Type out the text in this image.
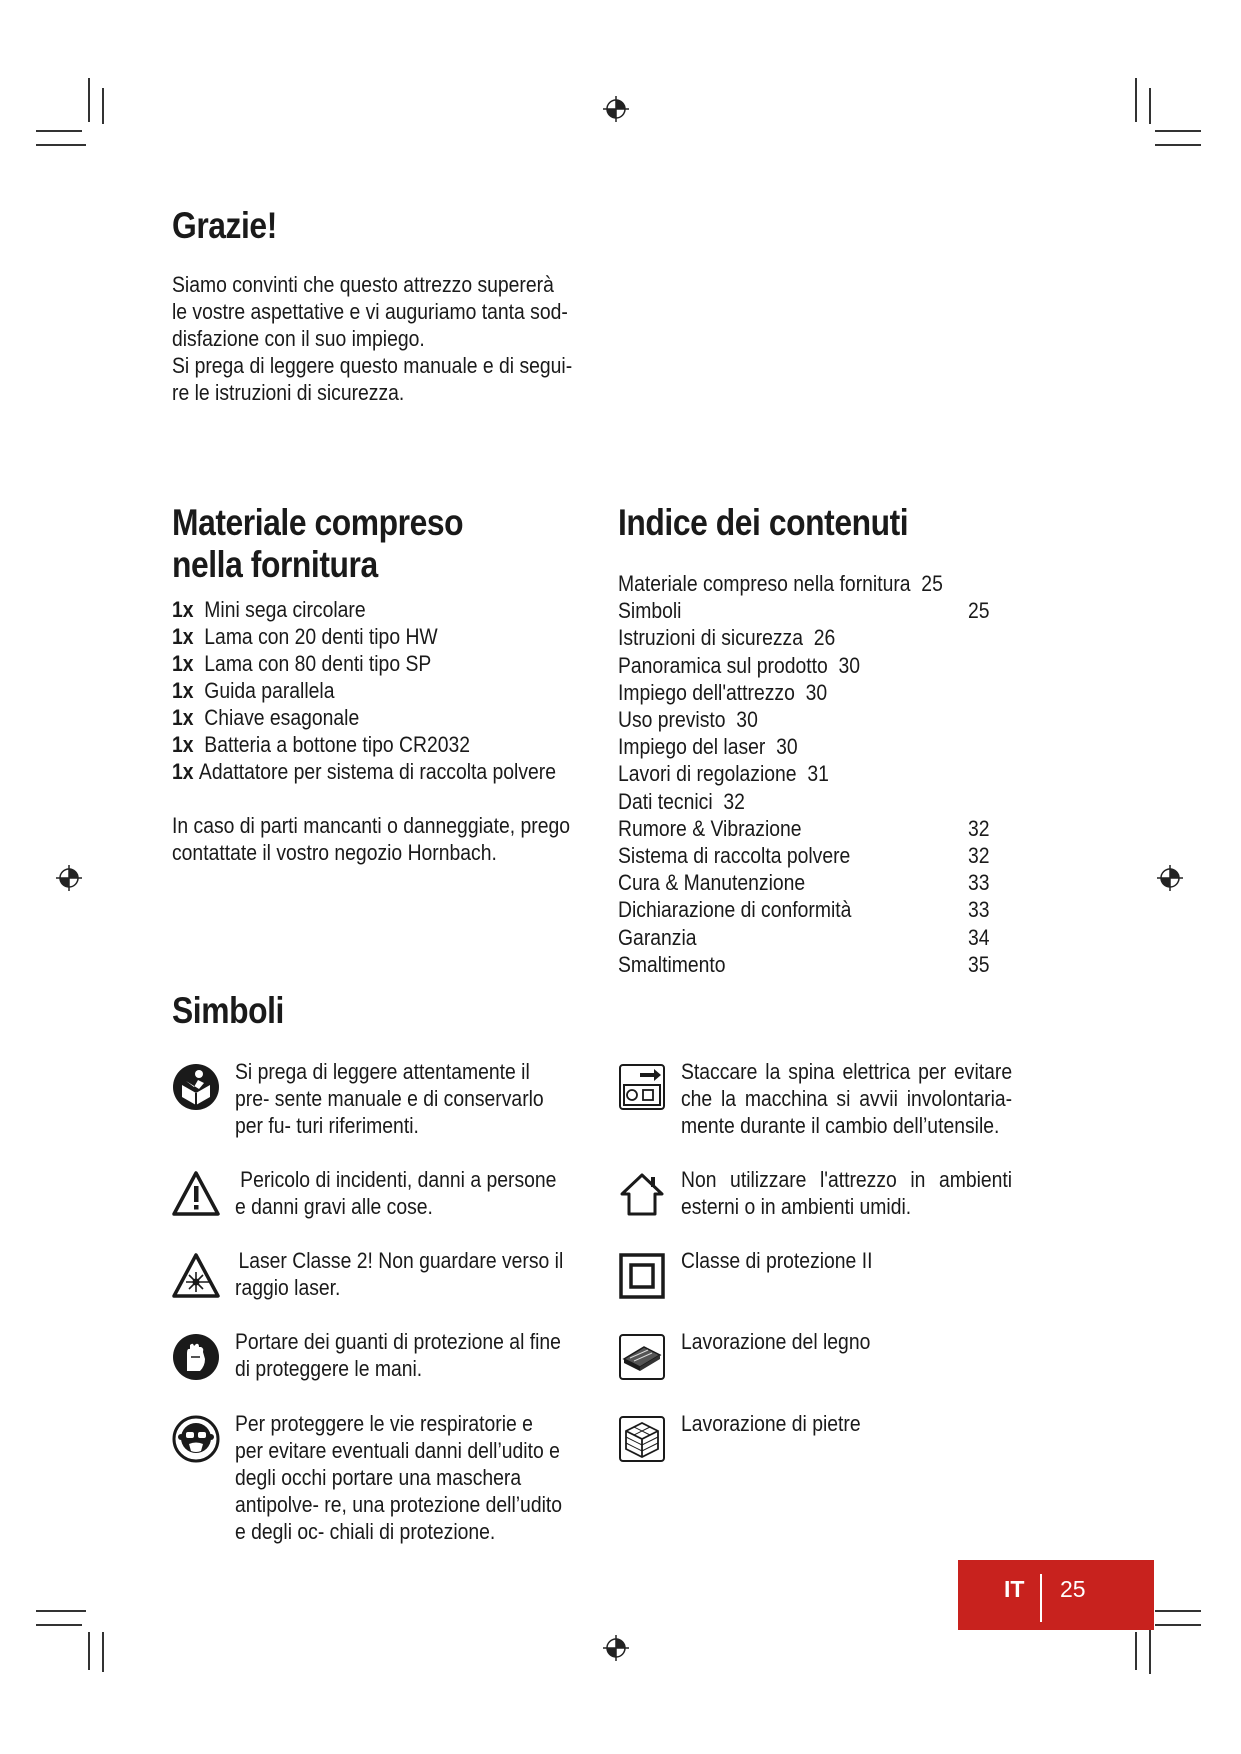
Grazie!
Siamo convinti che questo attrezzo supererà
le vostre aspettative e vi auguriamo tanta sod-
disfazione con il suo impiego.
Si prega di leggere questo manuale e di segui-
re le istruzioni di sicurezza.
Materiale compreso
nella fornitura
1x Mini sega circolare
1x Lama con 20 denti tipo HW
1x Lama con 80 denti tipo SP
1x Guida parallela
1x Chiave esagonale
1x Batteria a bottone tipo CR2032
1x Adattatore per sistema di raccolta polvere
In caso di parti mancanti o danneggiate, prego
contattate il vostro negozio Hornbach.
Indice dei contenuti
Materiale compreso nella fornitura 25
Simboli	25
Istruzioni di sicurezza 26
Panoramica sul prodotto 30
Impiego dell'attrezzo 30
Uso previsto 30
Impiego del laser 30
Lavori di regolazione 31
Dati tecnici 32
Rumore & Vibrazione	32
Sistema di raccolta polvere	32
Cura & Manutenzione	33
Dichiarazione di conformità	33
Garanzia	34
Smaltimento	35
Simboli
Si prega di leggere attentamente il pre- sente manuale e di conservarlo per fu- turi riferimenti.
Pericolo di incidenti, danni a persone e danni gravi alle cose.
Laser Classe 2! Non guardare verso il raggio laser.
Portare dei guanti di protezione al fine di proteggere le mani.
Per proteggere le vie respiratorie e per evitare eventuali danni dell’udito e degli occhi portare una maschera antipolve- re, una protezione dell’udito e degli oc- chiali di protezione.
Staccare la spina elettrica per evitare che la macchina si avvii involontaria- mente durante il cambio dell’utensile.
Non utilizzare l'attrezzo in ambienti esterni o in ambienti umidi.
Classe di protezione II
Lavorazione del legno
Lavorazione di pietre
IT 25
